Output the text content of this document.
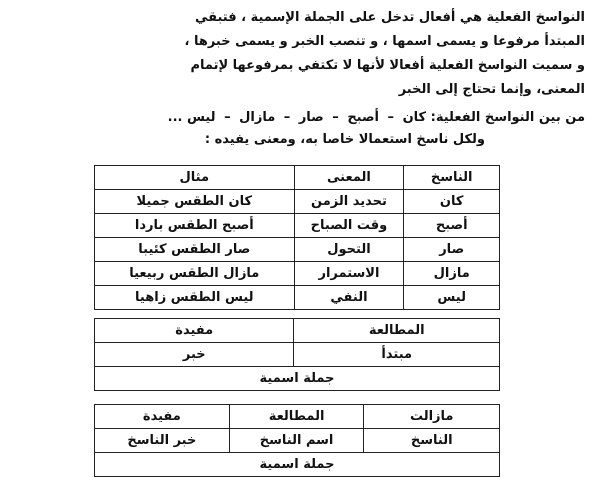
النواسخ الفعلية هي أفعال تدخل على الجملة الإسمية ، فتبقي
المبتدأ مرفوعا و يسمى اسمها ، و تنصب الخبر و يسمى خبرها ،
و سميت النواسخ الفعلية أفعالا لأنها لا تكتفي بمرفوعها لإتمام
المعنى، وإنما تحتاج إلى الخبر
من بين النواسخ الفعلية: كان – أصبح – صار – مازال – ليس ...
ولكل ناسخ استعمالا خاصا به، ومعنى يفيده :
الناسخ	المعنى	مثال
كان	تحديد الزمن	كان الطقس جميلا
أصبح	وقت الصباح	أصبح الطقس باردا
صار	التحول	صار الطقس كئيبا
مازال	الاستمرار	مازال الطقس ربيعيا
ليس	النفي	ليس الطقس زاهيا
المطالعة	مفيدة
مبتدأ	خبر
جملة اسمية	
مازالت	المطالعة	مفيدة
الناسخ	اسم الناسخ	خبر الناسخ
جملة اسمية		
